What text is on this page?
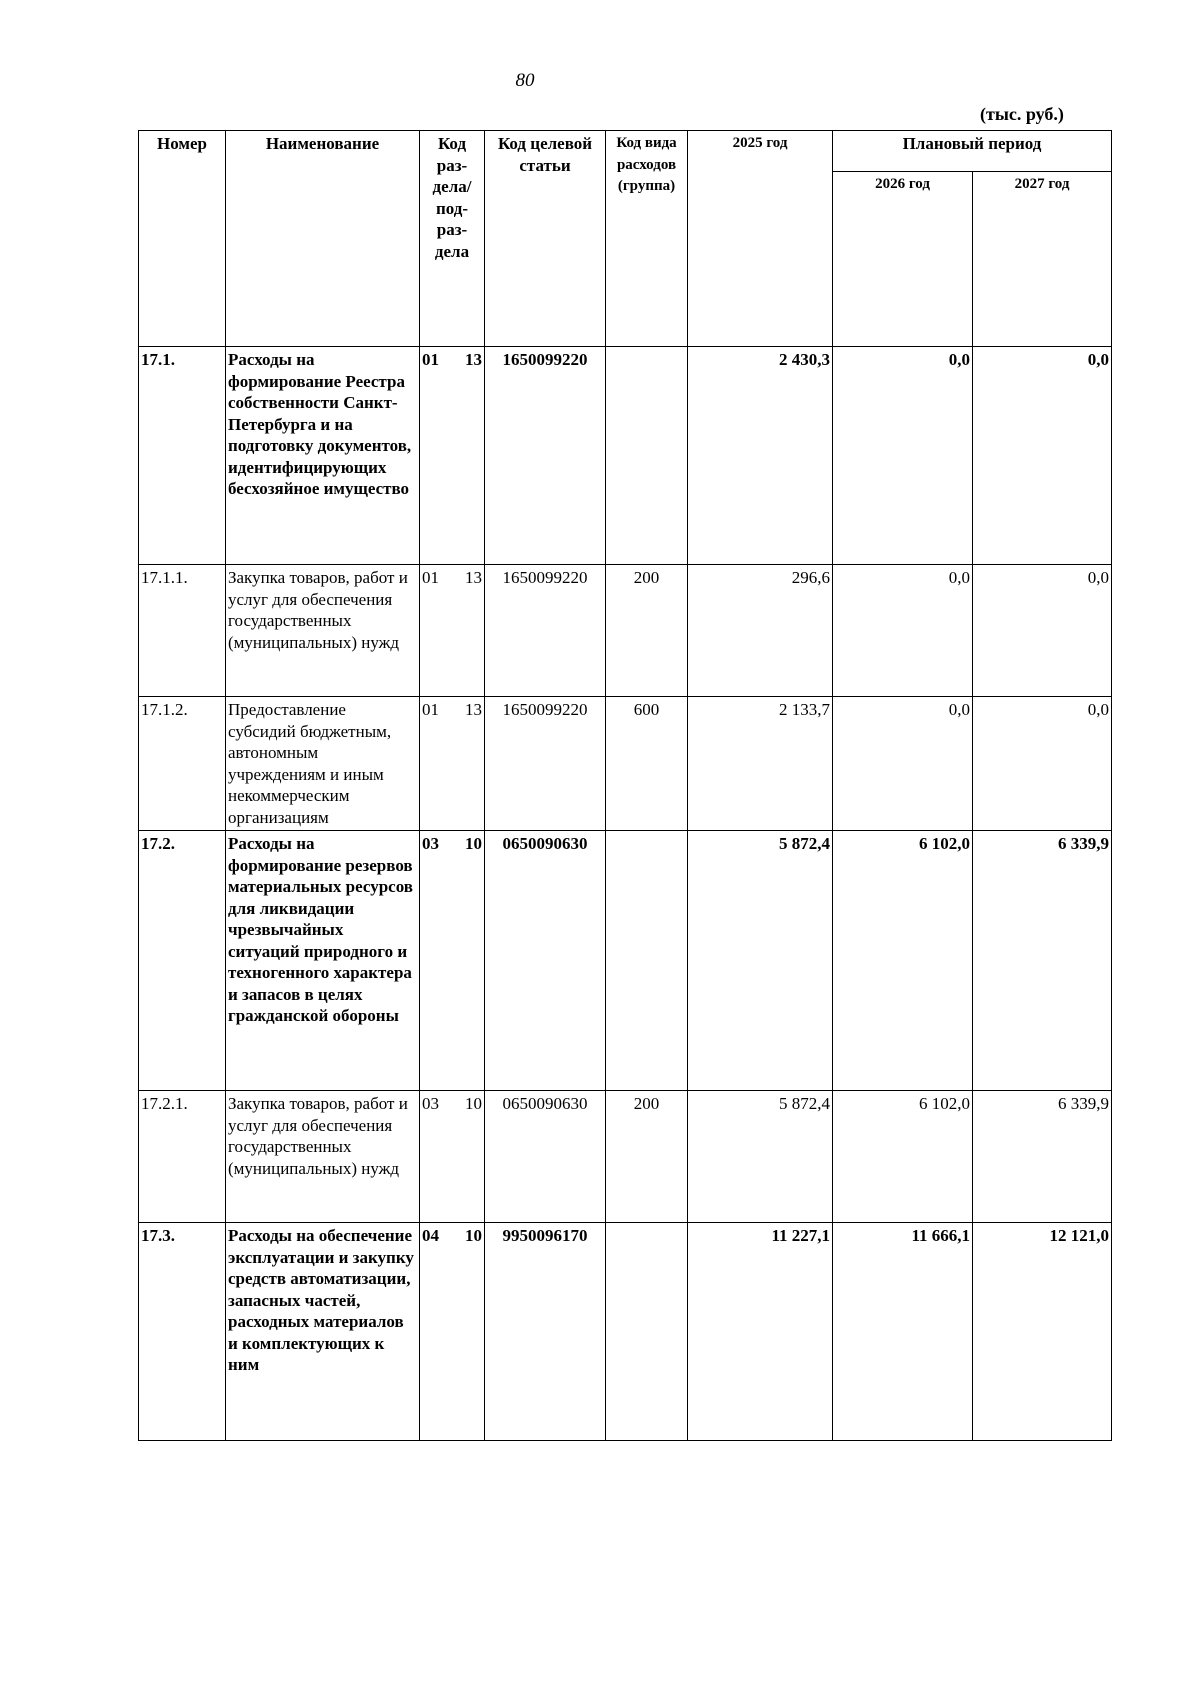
80
(тыс. руб.)
Номер	Наименование	Код раз-дела/ под-раз-дела	Код целевой статьи	Код вида расходов (группа)	2025 год	Плановый период	
						2026 год	2027 год
17.1.	Расходы на формирование Реестра собственности Санкт-Петербурга и на подготовку документов, идентифицирующих бесхозяйное имущество	01 13	1650099220		2 430,3	0,0	0,0
17.1.1.	Закупка товаров, работ и услуг для обеспечения государственных (муниципальных) нужд	01 13	1650099220	200	296,6	0,0	0,0
17.1.2.	Предоставление субсидий бюджетным, автономным учреждениям и иным некоммерческим организациям	01 13	1650099220	600	2 133,7	0,0	0,0
17.2.	Расходы на формирование резервов материальных ресурсов для ликвидации чрезвычайных ситуаций природного и техногенного характера и запасов в целях гражданской обороны	03 10	0650090630		5 872,4	6 102,0	6 339,9
17.2.1.	Закупка товаров, работ и услуг для обеспечения государственных (муниципальных) нужд	03 10	0650090630	200	5 872,4	6 102,0	6 339,9
17.3.	Расходы на обеспечение эксплуатации и закупку средств автоматизации, запасных частей, расходных материалов и комплектующих к ним	04 10	9950096170		11 227,1	11 666,1	12 121,0
